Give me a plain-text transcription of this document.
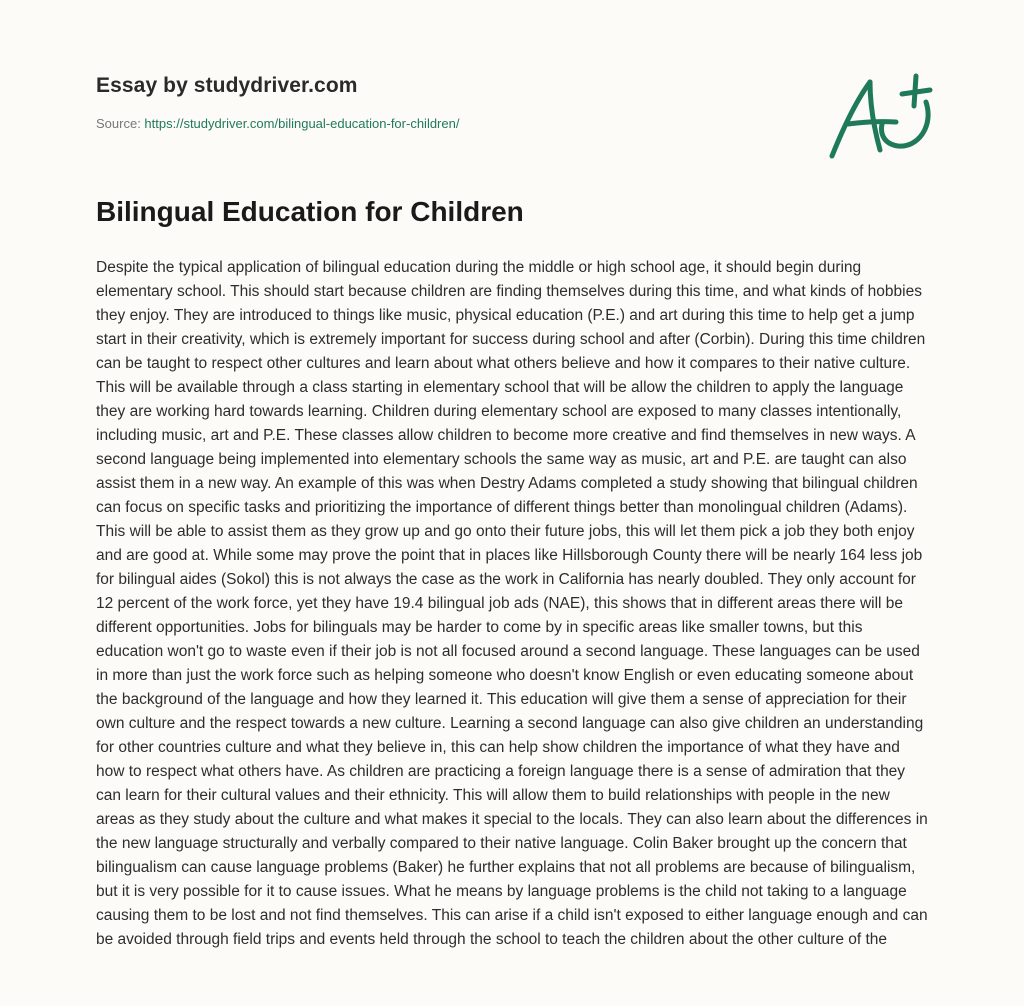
Essay by studydriver.com
Source: https://studydriver.com/bilingual-education-for-children/
Bilingual Education for Children

Despite the typical application of bilingual education during the middle or high school age, it should begin during elementary school. This should start because children are finding themselves during this time, and what kinds of hobbies they enjoy. They are introduced to things like music, physical education (P.E.) and art during this time to help get a jump start in their creativity, which is extremely important for success during school and after (Corbin). During this time children can be taught to respect other cultures and learn about what others believe and how it compares to their native culture. This will be available through a class starting in elementary school that will be allow the children to apply the language they are working hard towards learning. Children during elementary school are exposed to many classes intentionally, including music, art and P.E. These classes allow children to become more creative and find themselves in new ways. A second language being implemented into elementary schools the same way as music, art and P.E. are taught can also assist them in a new way. An example of this was when Destry Adams completed a study showing that bilingual children can focus on specific tasks and prioritizing the importance of different things better than monolingual children (Adams). This will be able to assist them as they grow up and go onto their future jobs, this will let them pick a job they both enjoy and are good at. While some may prove the point that in places like Hillsborough County there will be nearly 164 less job for bilingual aides (Sokol) this is not always the case as the work in California has nearly doubled. They only account for 12 percent of the work force, yet they have 19.4 bilingual job ads (NAE), this shows that in different areas there will be different opportunities. Jobs for bilinguals may be harder to come by in specific areas like smaller towns, but this education won't go to waste even if their job is not all focused around a second language. These languages can be used in more than just the work force such as helping someone who doesn't know English or even educating someone about the background of the language and how they learned it. This education will give them a sense of appreciation for their own culture and the respect towards a new culture. Learning a second language can also give children an understanding for other countries culture and what they believe in, this can help show children the importance of what they have and how to respect what others have. As children are practicing a foreign language there is a sense of admiration that they can learn for their cultural values and their ethnicity. This will allow them to build relationships with people in the new areas as they study about the culture and what makes it special to the locals. They can also learn about the differences in the new language structurally and verbally compared to their native language. Colin Baker brought up the concern that bilingualism can cause language problems (Baker) he further explains that not all problems are because of bilingualism, but it is very possible for it to cause issues. What he means by language problems is the child not taking to a language causing them to be lost and not find themselves. This can arise if a child isn't exposed to either language enough and can be avoided through field trips and events held through the school to teach the children about the other culture of the
